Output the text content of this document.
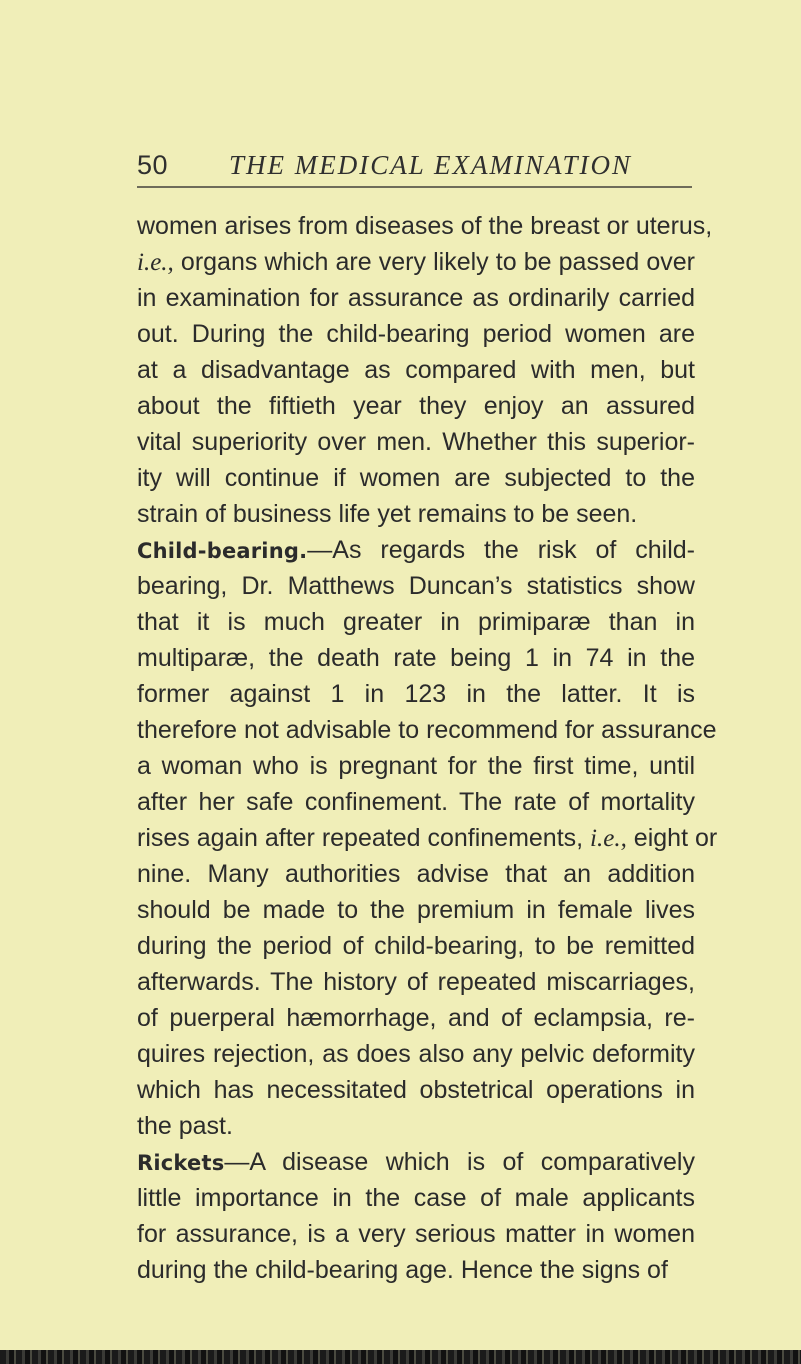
50 THE MEDICAL EXAMINATION
women arises from diseases of the breast or uterus,
i.e., organs which are very likely to be passed over
in examination for assurance as ordinarily carried
out. During the child-bearing period women are
at a disadvantage as compared with men, but
about the fiftieth year they enjoy an assured
vital superiority over men. Whether this superior-
ity will continue if women are subjected to the
strain of business life yet remains to be seen.
Child-bearing.—As regards the risk of child-
bearing, Dr. Matthews Duncan’s statistics show
that it is much greater in primiparæ than in
multiparæ, the death rate being 1 in 74 in the
former against 1 in 123 in the latter. It is
therefore not advisable to recommend for assurance
a woman who is pregnant for the first time, until
after her safe confinement. The rate of mortality
rises again after repeated confinements, i.e., eight or
nine. Many authorities advise that an addition
should be made to the premium in female lives
during the period of child-bearing, to be remitted
afterwards. The history of repeated miscarriages,
of puerperal hæmorrhage, and of eclampsia, re-
quires rejection, as does also any pelvic deformity
which has necessitated obstetrical operations in
the past.
Rickets—A disease which is of comparatively
little importance in the case of male applicants
for assurance, is a very serious matter in women
during the child-bearing age. Hence the signs of
